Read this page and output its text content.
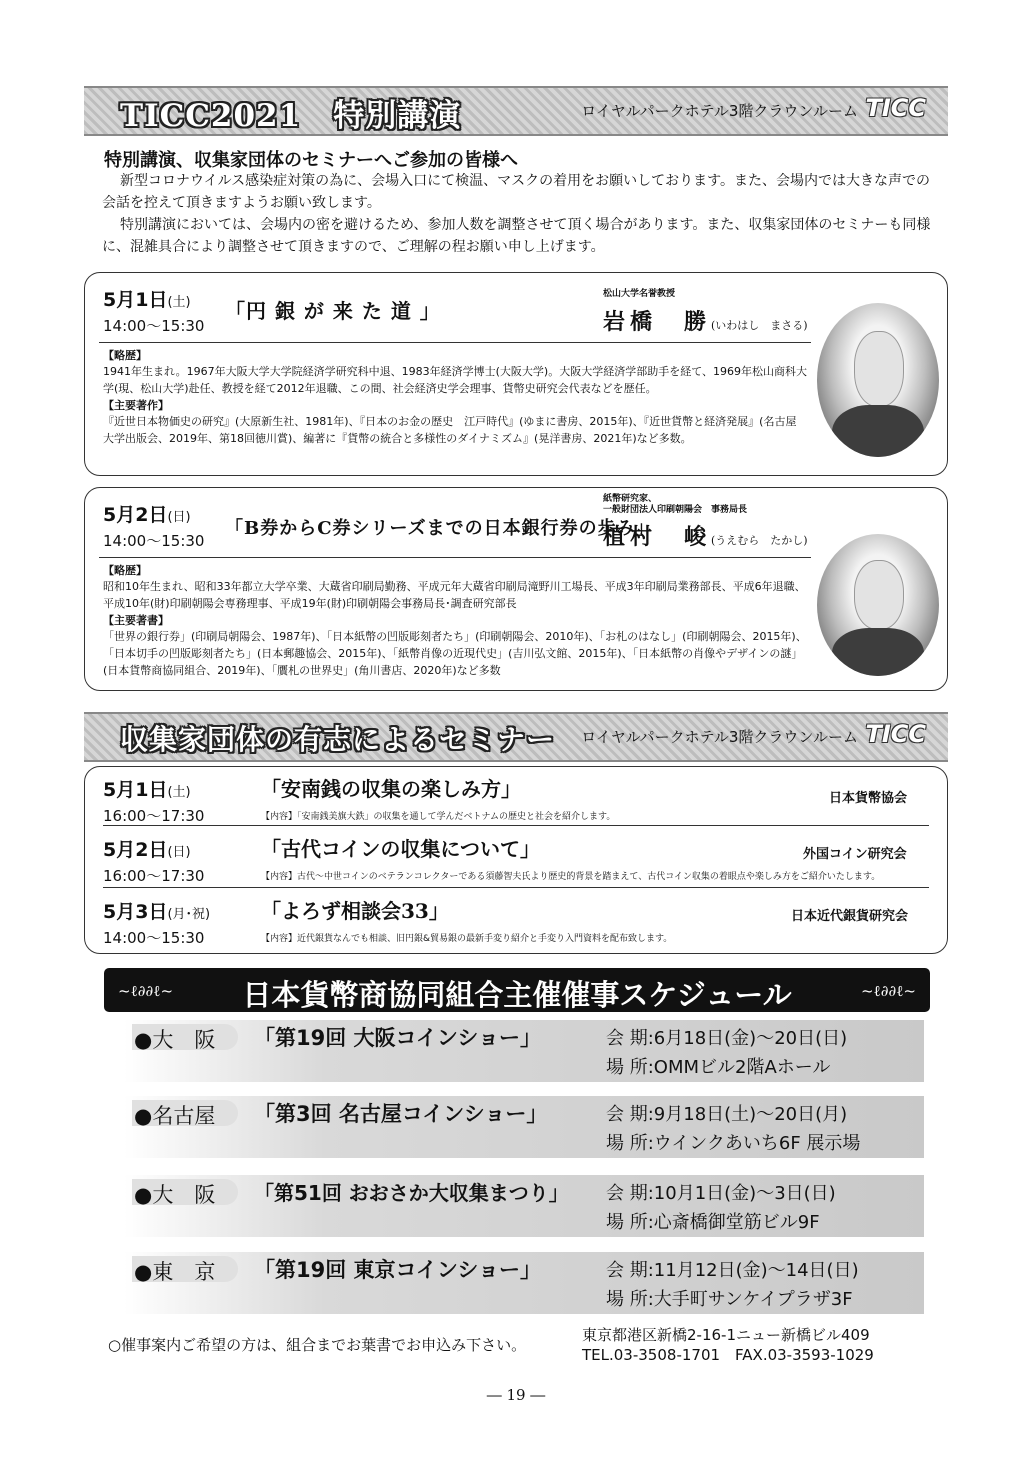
TICC2021　特別講演	ロイヤルパークホテル3階クラウンルーム TICC
特別講演、収集家団体のセミナーへご参加の皆様へ
新型コロナウイルス感染症対策の為に、会場入口にて検温、マスクの着用をお願いしております。また、会場内では大きな声での会話を控えて頂きますようお願い致します。
特別講演においては、会場内の密を避けるため、参加人数を調整させて頂く場合があります。また、収集家団体のセミナーも同様に、混雑具合により調整させて頂きますので、ご理解の程お願い申し上げます。
5月1日(土)
14:00〜15:30
「円 銀 が 来 た 道 」
松山大学名誉教授
岩橋　勝(いわはし　まさる)
【略歴】
1941年生まれ。1967年大阪大学大学院経済学研究科中退、1983年経済学博士(大阪大学)。大阪大学経済学部助手を経て、1969年松山商科大学(現、松山大学)赴任、教授を経て2012年退職、この間、社会経済史学会理事、貨幣史研究会代表などを歴任。
【主要著作】
『近世日本物価史の研究』(大原新生社、1981年)、『日本のお金の歴史　江戸時代』(ゆまに書房、2015年)、『近世貨幣と経済発展』(名古屋大学出版会、2019年、第18回徳川賞)、編著に『貨幣の統合と多様性のダイナミズム』(晃洋書房、2021年)など多数。
5月2日(日)
14:00〜15:30
「B券からC券シリーズまでの日本銀行券の歩み」
紙幣研究家、
一般財団法人印刷朝陽会　事務局長
植村　峻(うえむら　たかし)
【略歴】
昭和10年生まれ、昭和33年都立大学卒業、大蔵省印刷局勤務、平成元年大蔵省印刷局滝野川工場長、平成3年印刷局業務部長、平成6年退職、平成10年(財)印刷朝陽会専務理事、平成19年(財)印刷朝陽会事務局長･調査研究部長
【主要著書】
「世界の銀行券」(印刷局朝陽会、1987年)、「日本紙幣の凹版彫刻者たち」(印刷朝陽会、2010年)、「お札のはなし」(印刷朝陽会、2015年)、「日本切手の凹版彫刻者たち」(日本郵趣協会、2015年)、「紙幣肖像の近現代史」(吉川弘文館、2015年)、「日本紙幣の肖像やデザインの謎」(日本貨幣商協同組合、2019年)、「贋札の世界史」(角川書店、2020年)など多数
収集家団体の有志によるセミナー ロイヤルパークホテル3階クラウンルーム TICC
5月1日(土)
16:00〜17:30
「安南銭の収集の楽しみ方」	日本貨幣協会
【内容】「安南銭美旗大鉄」の収集を通して学んだベトナムの歴史と社会を紹介します。
5月2日(日)
16:00〜17:30
「古代コインの収集について」	外国コイン研究会
【内容】古代〜中世コインのベテランコレクターである須藤智夫氏より歴史的背景を踏まえて、古代コイン収集の着眼点や楽しみ方をご紹介いたします。
5月3日(月･祝)
14:00〜15:30
「よろず相談会33」	日本近代銀貨研究会
【内容】近代銀貨なんでも相談、旧円銀&貿易銀の最新手変り紹介と手変り入門資料を配布致します。
~ℓ∂∂ℓ~	日本貨幣商協同組合主催催事スケジュール	~ℓ∂∂ℓ~
●大　阪	「第19回 大阪コインショー」	会 期:6月18日(金)〜20日(日)
場 所:OMMビル2階Aホール
●名古屋	「第3回 名古屋コインショー」	会 期:9月18日(土)〜20日(月)
場 所:ウインクあいち6F 展示場
●大　阪	「第51回 おおさか大収集まつり」 会 期:10月1日(金)〜3日(日)
場 所:心斎橋御堂筋ビル9F
●東　京	「第19回 東京コインショー」	会 期:11月12日(金)〜14日(日)
場 所:大手町サンケイプラザ3F
○催事案内ご希望の方は、組合までお葉書でお申込み下さい。
東京都港区新橋2-16-1ニュー新橋ビル409
TEL.03-3508-1701　FAX.03-3593-1029
― 19 ―
